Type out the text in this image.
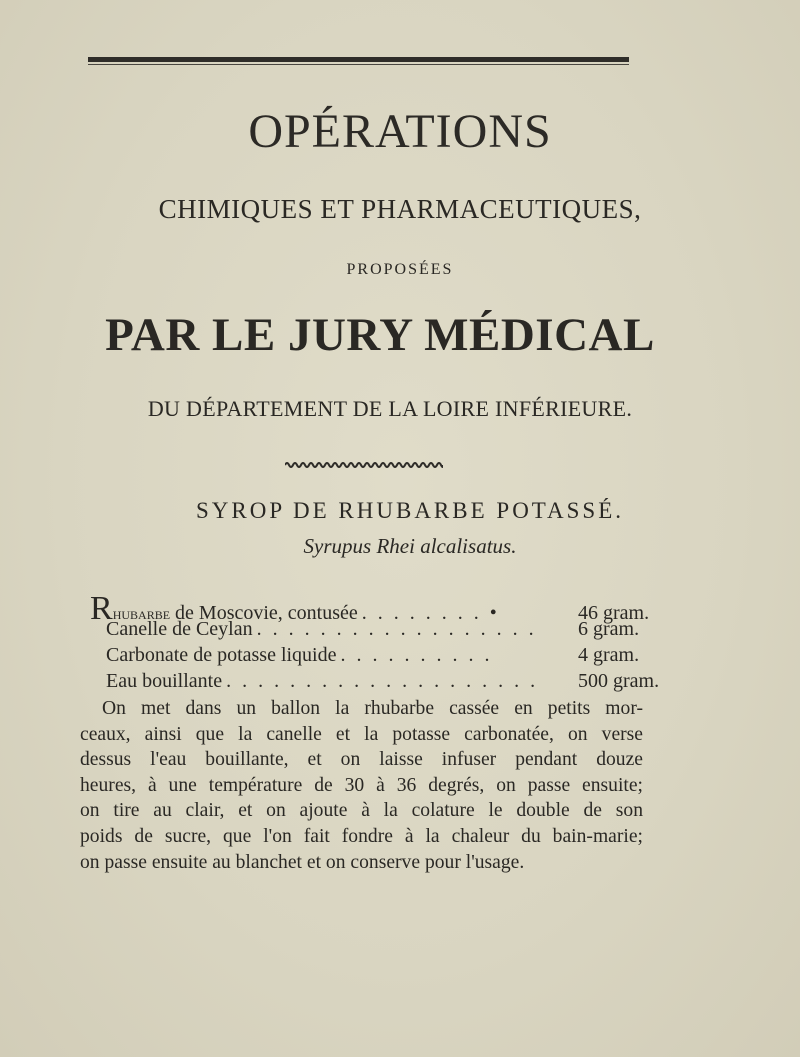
OPÉRATIONS
CHIMIQUES ET PHARMACEUTIQUES,
PROPOSÉES
PAR LE JURY MÉDICAL
DU DÉPARTEMENT DE LA LOIRE INFÉRIEURE.
SYROP DE RHUBARBE POTASSÉ.
Syrupus Rhei alcalisatus.
Rhubarbe de Moscovie, contusée . . . . . . . . •	46 gram.
Canelle de Ceylan . . . . . . . . . . . . . . . . . .	6 gram.
Carbonate de potasse liquide . . . . . . . . . .	4 gram.
Eau bouillante . . . . . . . . . . . . . . . . . . . .	500 gram.
On met dans un ballon la rhubarbe cassée en petits mor-
ceaux, ainsi que la canelle et la potasse carbonatée, on verse
dessus l'eau bouillante, et on laisse infuser pendant douze
heures, à une température de 30 à 36 degrés, on passe ensuite;
on tire au clair, et on ajoute à la colature le double de son
poids de sucre, que l'on fait fondre à la chaleur du bain-marie;
on passe ensuite au blanchet et on conserve pour l'usage.
